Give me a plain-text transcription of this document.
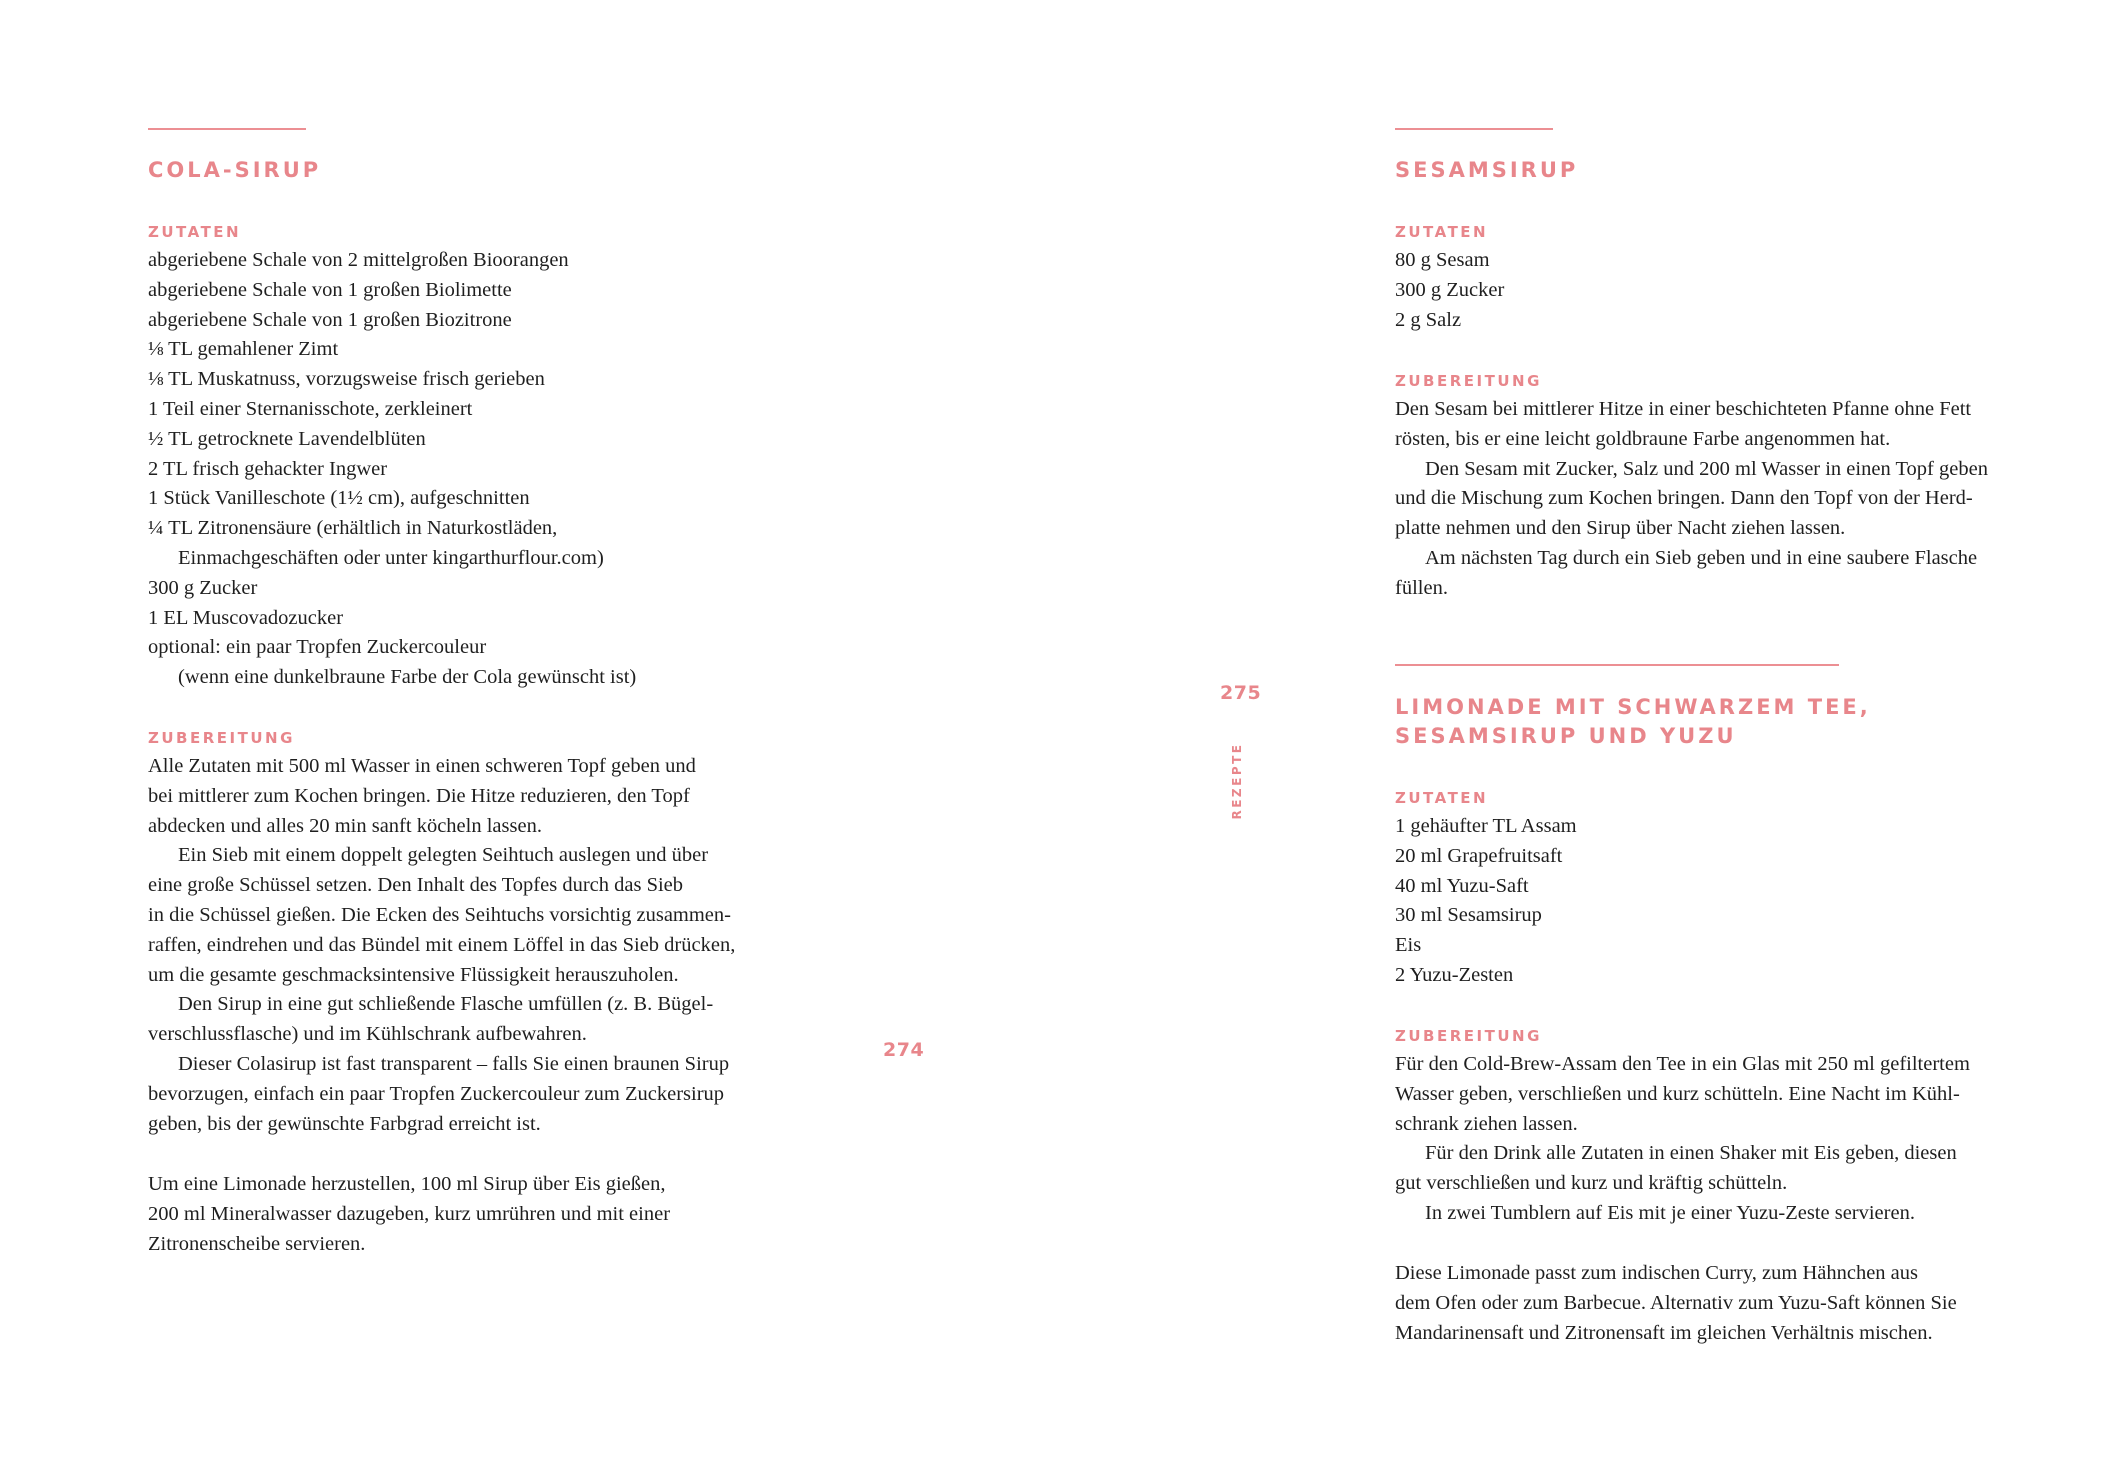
COLA-SIRUP
ZUTATEN
abgeriebene Schale von 2 mittelgroßen Bioorangen
abgeriebene Schale von 1 großen Biolimette
abgeriebene Schale von 1 großen Biozitrone
⅛ TL gemahlener Zimt
⅛ TL Muskatnuss, vorzugsweise frisch gerieben
1 Teil einer Sternanisschote, zerkleinert
½ TL getrocknete Lavendelblüten
2 TL frisch gehackter Ingwer
1 Stück Vanilleschote (1½ cm), aufgeschnitten
¼ TL Zitronensäure (erhältlich in Naturkostläden,
Einmachgeschäften oder unter kingarthurflour.com)
300 g Zucker
1 EL Muscovadozucker
optional: ein paar Tropfen Zuckercouleur
(wenn eine dunkelbraune Farbe der Cola gewünscht ist)
ZUBEREITUNG
Alle Zutaten mit 500 ml Wasser in einen schweren Topf geben und
bei mittlerer zum Kochen bringen. Die Hitze reduzieren, den Topf
abdecken und alles 20 min sanft köcheln lassen.
Ein Sieb mit einem doppelt gelegten Seihtuch auslegen und über
eine große Schüssel setzen. Den Inhalt des Topfes durch das Sieb
in die Schüssel gießen. Die Ecken des Seihtuchs vorsichtig zusammen-
raffen, eindrehen und das Bündel mit einem Löffel in das Sieb drücken,
um die gesamte geschmacksintensive Flüssigkeit herauszuholen.
Den Sirup in eine gut schließende Flasche umfüllen (z. B. Bügel-
verschlussflasche) und im Kühlschrank aufbewahren.
Dieser Colasirup ist fast transparent – falls Sie einen braunen Sirup
bevorzugen, einfach ein paar Tropfen Zuckercouleur zum Zuckersirup
geben, bis der gewünschte Farbgrad erreicht ist.
Um eine Limonade herzustellen, 100 ml Sirup über Eis gießen,
200 ml Mineralwasser dazugeben, kurz umrühren und mit einer
Zitronenscheibe servieren.
274
275
REZEPTE
SESAMSIRUP
ZUTATEN
80 g Sesam
300 g Zucker
2 g Salz
ZUBEREITUNG
Den Sesam bei mittlerer Hitze in einer beschichteten Pfanne ohne Fett
rösten, bis er eine leicht goldbraune Farbe angenommen hat.
Den Sesam mit Zucker, Salz und 200 ml Wasser in einen Topf geben
und die Mischung zum Kochen bringen. Dann den Topf von der Herd-
platte nehmen und den Sirup über Nacht ziehen lassen.
Am nächsten Tag durch ein Sieb geben und in eine saubere Flasche
füllen.
LIMONADE MIT SCHWARZEM TEE,
SESAMSIRUP UND YUZU
ZUTATEN
1 gehäufter TL Assam
20 ml Grapefruitsaft
40 ml Yuzu-Saft
30 ml Sesamsirup
Eis
2 Yuzu-Zesten
ZUBEREITUNG
Für den Cold-Brew-Assam den Tee in ein Glas mit 250 ml gefiltertem
Wasser geben, verschließen und kurz schütteln. Eine Nacht im Kühl-
schrank ziehen lassen.
Für den Drink alle Zutaten in einen Shaker mit Eis geben, diesen
gut verschließen und kurz und kräftig schütteln.
In zwei Tumblern auf Eis mit je einer Yuzu-Zeste servieren.
Diese Limonade passt zum indischen Curry, zum Hähnchen aus
dem Ofen oder zum Barbecue. Alternativ zum Yuzu-Saft können Sie
Mandarinensaft und Zitronensaft im gleichen Verhältnis mischen.
